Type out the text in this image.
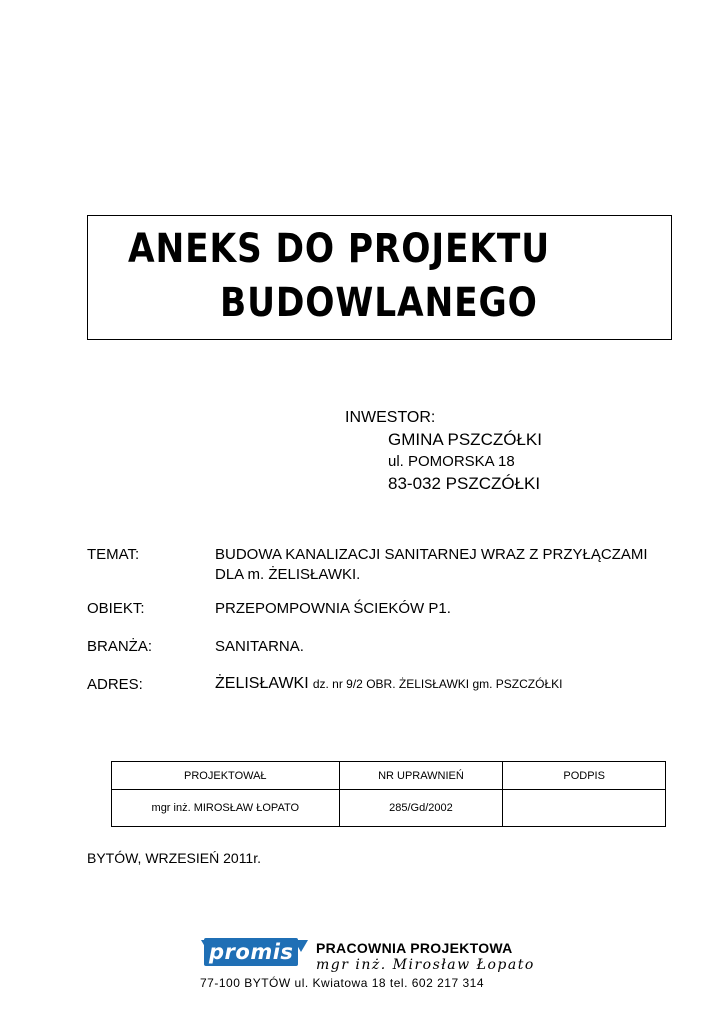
ANEKS DO PROJEKTU
BUDOWLANEGO
INWESTOR:
GMINA PSZCZÓŁKI
ul. POMORSKA 18
83-032 PSZCZÓŁKI
TEMAT:	BUDOWA KANALIZACJI SANITARNEJ WRAZ Z PRZYŁĄCZAMI
DLA m. ŻELISŁAWKI.
OBIEKT:	PRZEPOMPOWNIA ŚCIEKÓW P1.
BRANŻA:	SANITARNA.
ADRES:	ŻELISŁAWKI dz. nr 9/2 OBR. ŻELISŁAWKI gm. PSZCZÓŁKI
PROJEKTOWAŁ	NR UPRAWNIEŃ	PODPIS
mgr inż. MIROSŁAW ŁOPATO	285/Gd/2002	
BYTÓW, WRZESIEŃ 2011r.
promis	PRACOWNIA PROJEKTOWA
mgr inż. Mirosław Łopato
77-100 BYTÓW ul. Kwiatowa 18 tel. 602 217 314
